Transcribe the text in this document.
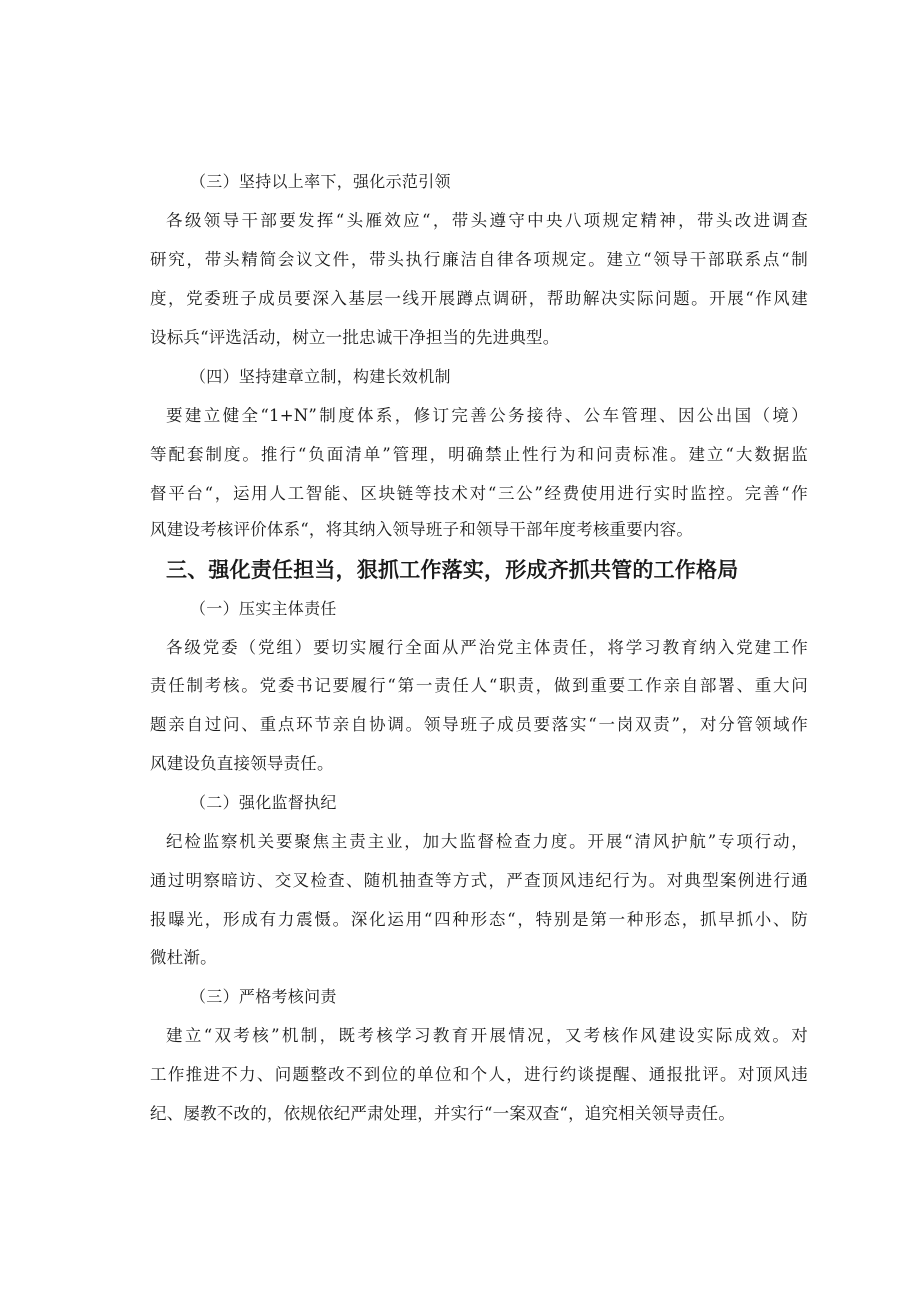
（三）坚持以上率下，强化示范引领
各级领导干部要发挥“头雁效应“，带头遵守中央八项规定精神，带头改进调查
研究，带头精简会议文件，带头执行廉洁自律各项规定。建立“领导干部联系点“制
度，党委班子成员要深入基层一线开展蹲点调研，帮助解决实际问题。开展“作风建
设标兵“评选活动，树立一批忠诚干净担当的先进典型。
（四）坚持建章立制，构建长效机制
要建立健全“1+N”制度体系，修订完善公务接待、公车管理、因公出国（境）
等配套制度。推行“负面清单”管理，明确禁止性行为和问责标准。建立“大数据监
督平台“，运用人工智能、区块链等技术对“三公”经费使用进行实时监控。完善“作
风建设考核评价体系“，将其纳入领导班子和领导干部年度考核重要内容。
三、强化责任担当，狠抓工作落实，形成齐抓共管的工作格局
（一）压实主体责任
各级党委（党组）要切实履行全面从严治党主体责任，将学习教育纳入党建工作
责任制考核。党委书记要履行“第一责任人“职责，做到重要工作亲自部署、重大问
题亲自过问、重点环节亲自协调。领导班子成员要落实“一岗双责”，对分管领域作
风建设负直接领导责任。
（二）强化监督执纪
纪检监察机关要聚焦主责主业，加大监督检查力度。开展“清风护航”专项行动，
通过明察暗访、交叉检查、随机抽查等方式，严查顶风违纪行为。对典型案例进行通
报曝光，形成有力震慑。深化运用“四种形态“，特别是第一种形态，抓早抓小、防
微杜渐。
（三）严格考核问责
建立“双考核”机制，既考核学习教育开展情况，又考核作风建设实际成效。对
工作推进不力、问题整改不到位的单位和个人，进行约谈提醒、通报批评。对顶风违
纪、屡教不改的，依规依纪严肃处理，并实行“一案双查“，追究相关领导责任。
